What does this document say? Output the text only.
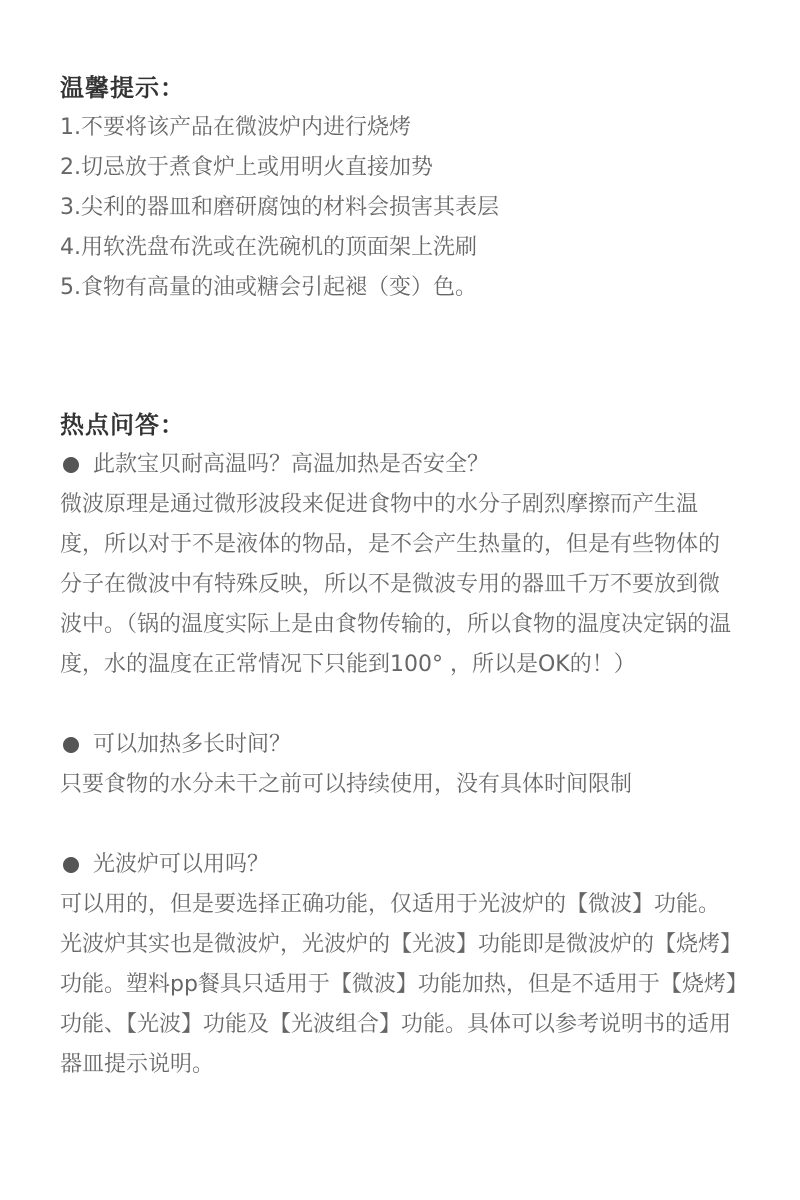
温馨提示：
1.不要将该产品在微波炉内进行烧烤
2.切忌放于煮食炉上或用明火直接加势
3.尖利的器皿和磨研腐蚀的材料会损害其表层
4.用软洗盘布洗或在洗碗机的顶面架上洗刷
5.食物有高量的油或糖会引起褪（变）色。
热点问答：
此款宝贝耐高温吗？高温加热是否安全？

微波原理是通过微形波段来促进食物中的水分子剧烈摩擦而产生温度，所以对于不是液体的物品，是不会产生热量的，但是有些物体的分子在微波中有特殊反映，所以不是微波专用的器皿千万不要放到微波中。（锅的温度实际上是由食物传输的，所以食物的温度决定锅的温度，水的温度在正常情况下只能到100° ，所以是OK的！）

可以加热多长时间？

只要食物的水分未干之前可以持续使用，没有具体时间限制

光波炉可以用吗？

可以用的，但是要选择正确功能，仅适用于光波炉的【微波】功能。

光波炉其实也是微波炉，光波炉的【光波】功能即是微波炉的【烧烤】功能。塑料pp餐具只适用于【微波】功能加热，但是不适用于【烧烤】功能、【光波】功能及【光波组合】功能。具体可以参考说明书的适用器皿提示说明。
